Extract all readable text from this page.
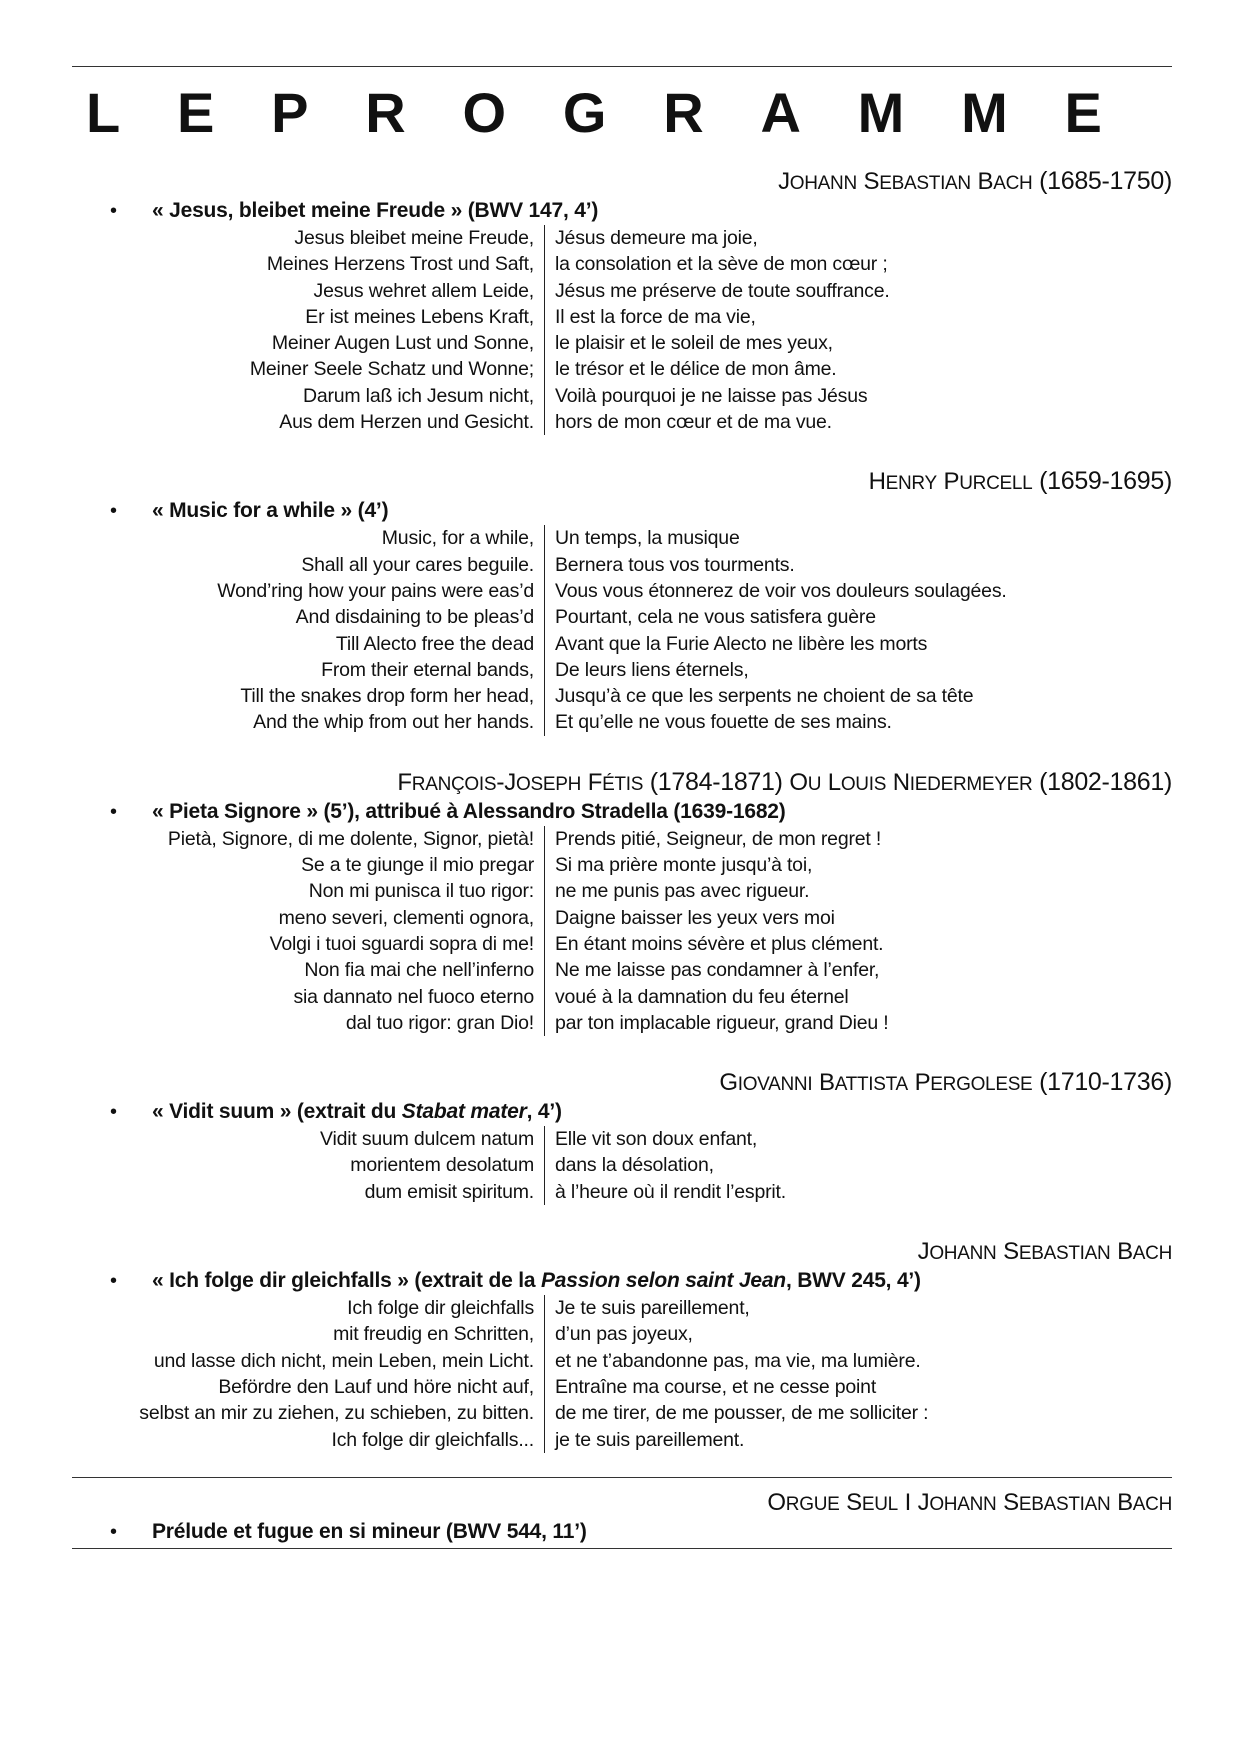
L E P R O G R A M M E
JOHANN SEBASTIAN BACH (1685-1750)
• « Jesus, bleibet meine Freude » (BWV 147, 4’)
Jesus bleibet meine Freude,
Meines Herzens Trost und Saft,
Jesus wehret allem Leide,
Er ist meines Lebens Kraft,
Meiner Augen Lust und Sonne,
Meiner Seele Schatz und Wonne;
Darum laß ich Jesum nicht,
Aus dem Herzen und Gesicht.
Jésus demeure ma joie,
la consolation et la sève de mon cœur ;
Jésus me préserve de toute souffrance.
Il est la force de ma vie,
le plaisir et le soleil de mes yeux,
le trésor et le délice de mon âme.
Voilà pourquoi je ne laisse pas Jésus
hors de mon cœur et de ma vue.
HENRY PURCELL (1659-1695)
• « Music for a while » (4’)
Music, for a while,
Shall all your cares beguile.
Wond’ring how your pains were eas’d
And disdaining to be pleas’d
Till Alecto free the dead
From their eternal bands,
Till the snakes drop form her head,
And the whip from out her hands.
Un temps, la musique
Bernera tous vos tourments.
Vous vous étonnerez de voir vos douleurs soulagées.
Pourtant, cela ne vous satisfera guère
Avant que la Furie Alecto ne libère les morts
De leurs liens éternels,
Jusqu’à ce que les serpents ne choient de sa tête
Et qu’elle ne vous fouette de ses mains.
FRANÇOIS-JOSEPH FÉTIS (1784-1871) OU LOUIS NIEDERMEYER (1802-1861)
• « Pieta Signore » (5’), attribué à Alessandro Stradella (1639-1682)
Pietà, Signore, di me dolente, Signor, pietà!
Se a te giunge il mio pregar
Non mi punisca il tuo rigor:
meno severi, clementi ognora,
Volgi i tuoi sguardi sopra di me!
Non fia mai che nell’inferno
sia dannato nel fuoco eterno
dal tuo rigor: gran Dio!
Prends pitié, Seigneur, de mon regret !
Si ma prière monte jusqu’à toi,
ne me punis pas avec rigueur.
Daigne baisser les yeux vers moi
En étant moins sévère et plus clément.
Ne me laisse pas condamner à l’enfer,
voué à la damnation du feu éternel
par ton implacable rigueur, grand Dieu !
GIOVANNI BATTISTA PERGOLESE (1710-1736)
• « Vidit suum » (extrait du Stabat mater, 4’)
Vidit suum dulcem natum
morientem desolatum
dum emisit spiritum.
Elle vit son doux enfant,
dans la désolation,
à l’heure où il rendit l’esprit.
JOHANN SEBASTIAN BACH
• « Ich folge dir gleichfalls » (extrait de la Passion selon saint Jean, BWV 245, 4’)
Ich folge dir gleichfalls
mit freudig en Schritten,
und lasse dich nicht, mein Leben, mein Licht.
Befördre den Lauf und höre nicht auf,
selbst an mir zu ziehen, zu schieben, zu bitten.
Ich folge dir gleichfalls...
Je te suis pareillement,
d’un pas joyeux,
et ne t’abandonne pas, ma vie, ma lumière.
Entraîne ma course, et ne cesse point
de me tirer, de me pousser, de me solliciter :
je te suis pareillement.
ORGUE SEUL I JOHANN SEBASTIAN BACH
• Prélude et fugue en si mineur (BWV 544, 11’)
